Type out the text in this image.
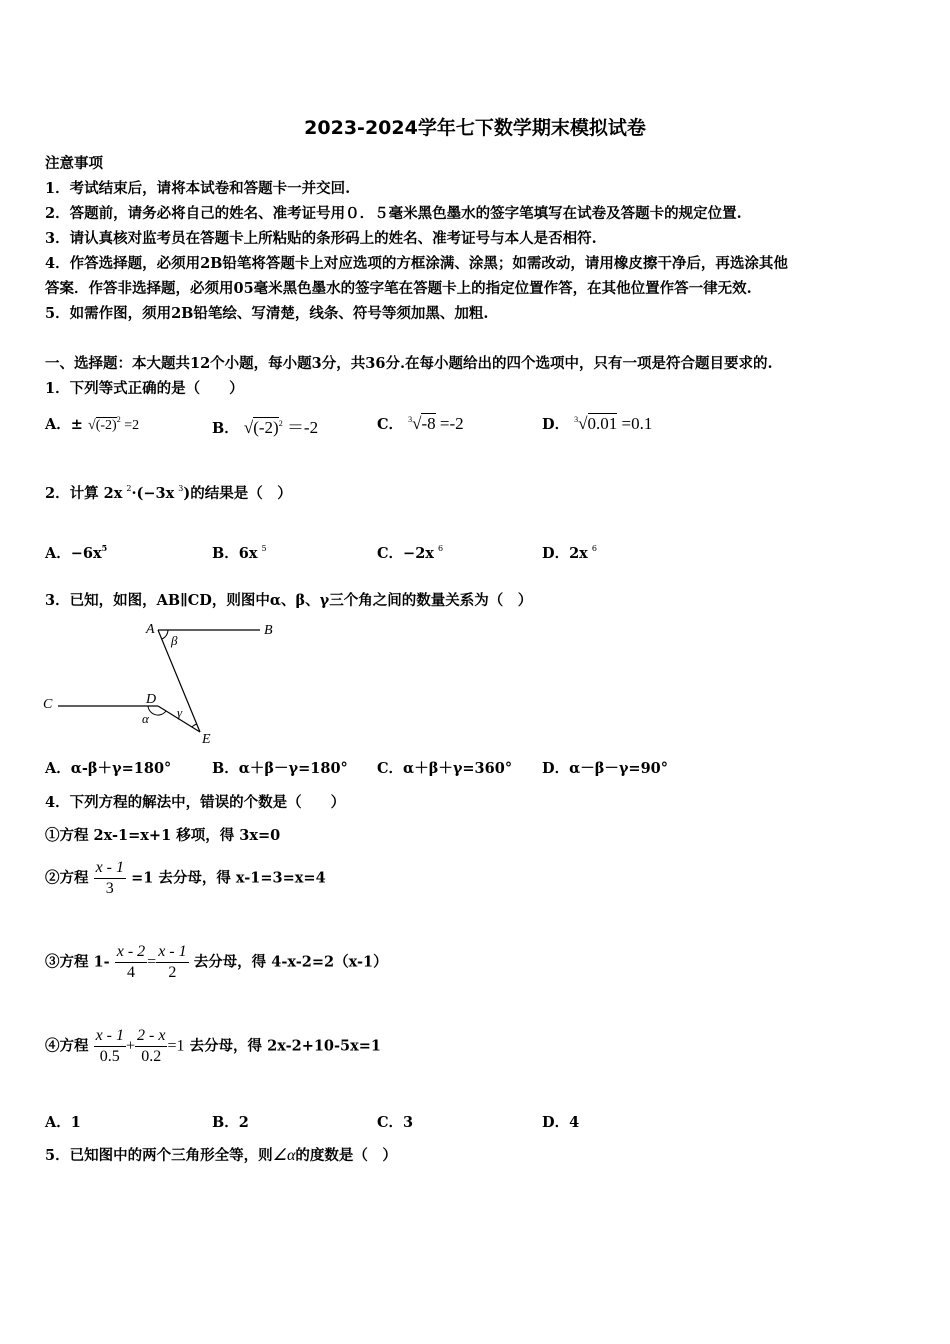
2023-2024学年七下数学期末模拟试卷
注意事项
1．考试结束后，请将本试卷和答题卡一并交回.
2．答题前，请务必将自己的姓名、准考证号用０．５毫米黑色墨水的签字笔填写在试卷及答题卡的规定位置.
3．请认真核对监考员在答题卡上所粘贴的条形码上的姓名、准考证号与本人是否相符.
4．作答选择题，必须用2B铅笔将答题卡上对应选项的方框涂满、涂黑；如需改动，请用橡皮擦干净后，再选涂其他
答案．作答非选择题，必须用05毫米黑色墨水的签字笔在答题卡上的指定位置作答，在其他位置作答一律无效.
5．如需作图，须用2B铅笔绘、写清楚，线条、符号等须加黑、加粗.
一、选择题：本大题共12个小题，每小题3分，共36分.在每小题给出的四个选项中，只有一项是符合题目要求的.
1．下列等式正确的是（　　）
A．± $√(-2)^2 =2$	B． $√(-2)^2 =-2$	C． $^3$√-8 =-2	D． $^3$√0.01 =0.1
2．计算 2x $^2$·(−3x $^3$)的结果是（　）
A．$-6x^5$	B．6x $^5$	C．−2x $^6$	D．2x $^6$
3．已知，如图，AB∥CD，则图中α、β、γ三个角之间的数量关系为（　）
A	B
C	D
E
α
β
γ
A．α-β＋γ=180°	B．α＋β－γ=180° C．α＋β＋γ=360° D．α－β－γ=90°
4．下列方程的解法中，错误的个数是（　　）
①方程 2x-1=x+1 移项，得 3x=0
②方程 $\frac{x - 1}{3} =1$ 去分母，得 x-1=3=x=4
③方程 $1- \frac{x - 2}{4} = \frac{x - 1}{2}$ 去分母，得 4-x-2=2（x-1）
④方程 $\frac{x - 1}{0.5} + \frac{2 - x}{0.2} =1$ 去分母，得 2x-2+10-5x=1
A．1	B．2	C．3	D．4
5．已知图中的两个三角形全等，则∠α的度数是（　）
